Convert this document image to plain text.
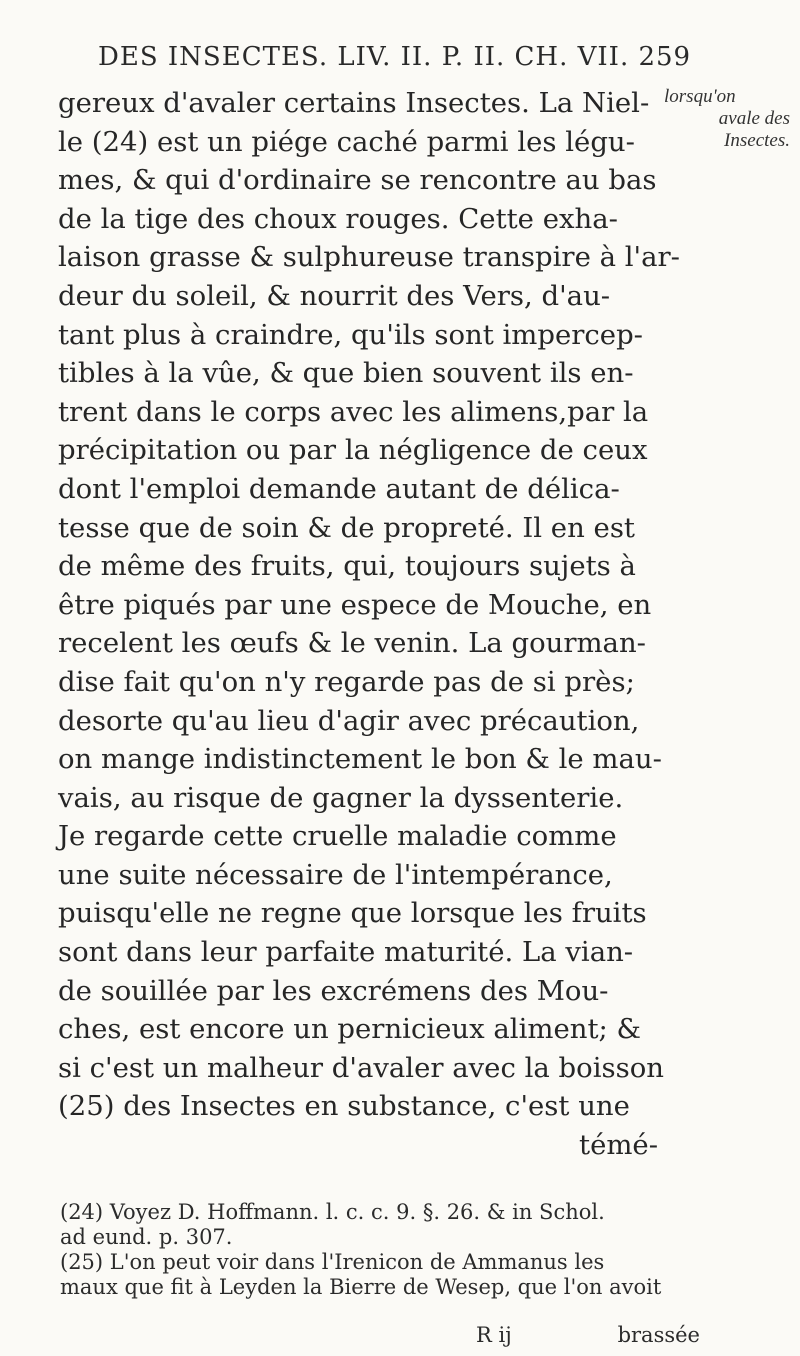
DES INSECTES. LIV. II. P. II. CH. VII. 259
lorsqu'on
avale des
Insectes.
gereux d'avaler certains Insectes. La Niel-
le (24) est un piége caché parmi les légu-
mes, & qui d'ordinaire se rencontre au bas
de la tige des choux rouges. Cette exha-
laison grasse & sulphureuse transpire à l'ar-
deur du soleil, & nourrit des Vers, d'au-
tant plus à craindre, qu'ils sont impercep-
tibles à la vûe, & que bien souvent ils en-
trent dans le corps avec les alimens,par la
précipitation ou par la négligence de ceux
dont l'emploi demande autant de délica-
tesse que de soin & de propreté. Il en est
de même des fruits, qui, toujours sujets à
être piqués par une espece de Mouche, en
recelent les œufs & le venin. La gourman-
dise fait qu'on n'y regarde pas de si près;
desorte qu'au lieu d'agir avec précaution,
on mange indistinctement le bon & le mau-
vais, au risque de gagner la dyssenterie.
Je regarde cette cruelle maladie comme
une suite nécessaire de l'intempérance,
puisqu'elle ne regne que lorsque les fruits
sont dans leur parfaite maturité. La vian-
de souillée par les excrémens des Mou-
ches, est encore un pernicieux aliment; &
si c'est un malheur d'avaler avec la boisson
(25) des Insectes en substance, c'est une
témé-
(24) Voyez D. Hoffmann. l. c. c. 9. §. 26. & in Schol.
ad eund. p. 307.
(25) L'on peut voir dans l'Irenicon de Ammanus les
maux que fit à Leyden la Bierre de Wesep, que l'on avoit
R ij	brassée
